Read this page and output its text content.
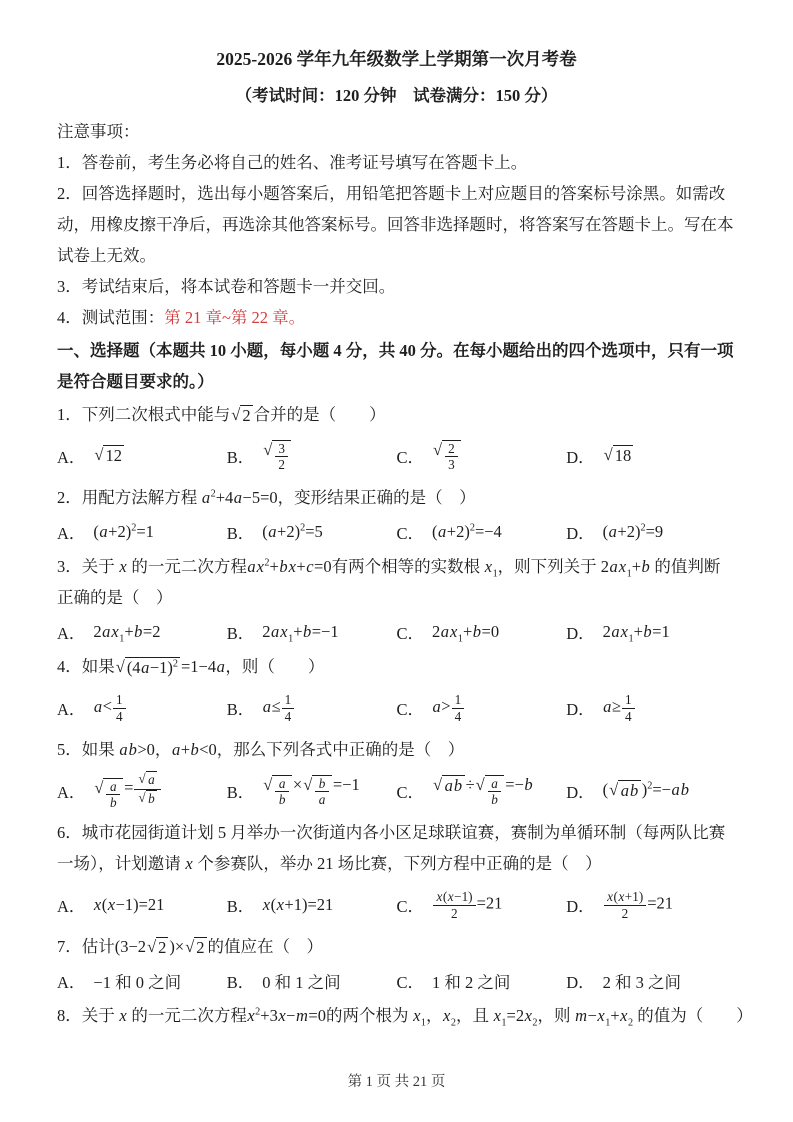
2025-2026 学年九年级数学上学期第一次月考卷
（考试时间：120 分钟　试卷满分：150 分）
注意事项：

1．答卷前，考生务必将自己的姓名、准考证号填写在答题卡上。

2．回答选择题时，选出每小题答案后，用铅笔把答题卡上对应题目的答案标号涂黑。如需改动，用橡皮擦干净后，再选涂其他答案标号。回答非选择题时，将答案写在答题卡上。写在本试卷上无效。

3．考试结束后，将本试卷和答题卡一并交回。

4．测试范围：第 21 章~第 22 章。

一、选择题（本题共 10 小题，每小题 4 分，共 40 分。在每小题给出的四个选项中，只有一项是符合题目要求的。）
1．下列二次根式中能与 √ 2 合并的是（　　）
A． √ 12	B． √ $\frac{3}{2}$	C． √ $\frac{2}{3}$	D． √ 18
2．用配方法解方程 $a^2+4a-5=0$，变形结果正确的是（　）
A． $(a+2)^2=1$	B． $(a+2)^2=5$	C． $(a+2)^2=-4$	D． $(a+2)^2=9$
3．关于 x 的一元二次方程$ax^2+bx+c=0$有两个相等的实数根 $x_1$，则下列关于 $2ax_1+b$ 的值判断正确的是（　）
A． $2ax_1+b=2$	B． $2ax_1+b=-1$	C． $2ax_1+b=0$	D． $2ax_1+b=1$
4．如果 √ $(4a-1)^2 =1-4a$，则（　　）
A． $a< \frac{1}{4}$	B． $a\le \frac{1}{4}$	C． $a> \frac{1}{4}$	D． $a\ge \frac{1}{4}$
5．如果 ab>0，a+b<0，那么下列各式中正确的是（　）
A． √ $\frac{a}{b} = \frac{√ a}{√ b}$	B． √ $\frac{a}{b}$ × √ $\frac{b}{a} =-1$ C． √ ab ÷ √ $\frac{a}{b} =-b$ D． ( √ ab )$^2$=−ab
6．城市花园街道计划 5 月举办一次街道内各小区足球联谊赛，赛制为单循环制（每两队比赛一场），计划邀请 x 个参赛队，举办 21 场比赛，下列方程中正确的是（　）
A． x(x−1)=21	B． x(x+1)=21	C． $\frac{x(x-1)}{2} =21$	D． $\frac{x(x+1)}{2} =21$
7．估计(3−2 √ 2 )× √ 2 的值应在（　）
A． −1 和 0 之间	B． 0 和 1 之间	C． 1 和 2 之间	D． 2 和 3 之间
8．关于 x 的一元二次方程$x^2+3x-m=0$的两个根为 $x_1$，$x_2$，且 $x_1=2x_2$，则 $m-x_1+x_2$ 的值为（　　）
第 1 页 共 21 页
